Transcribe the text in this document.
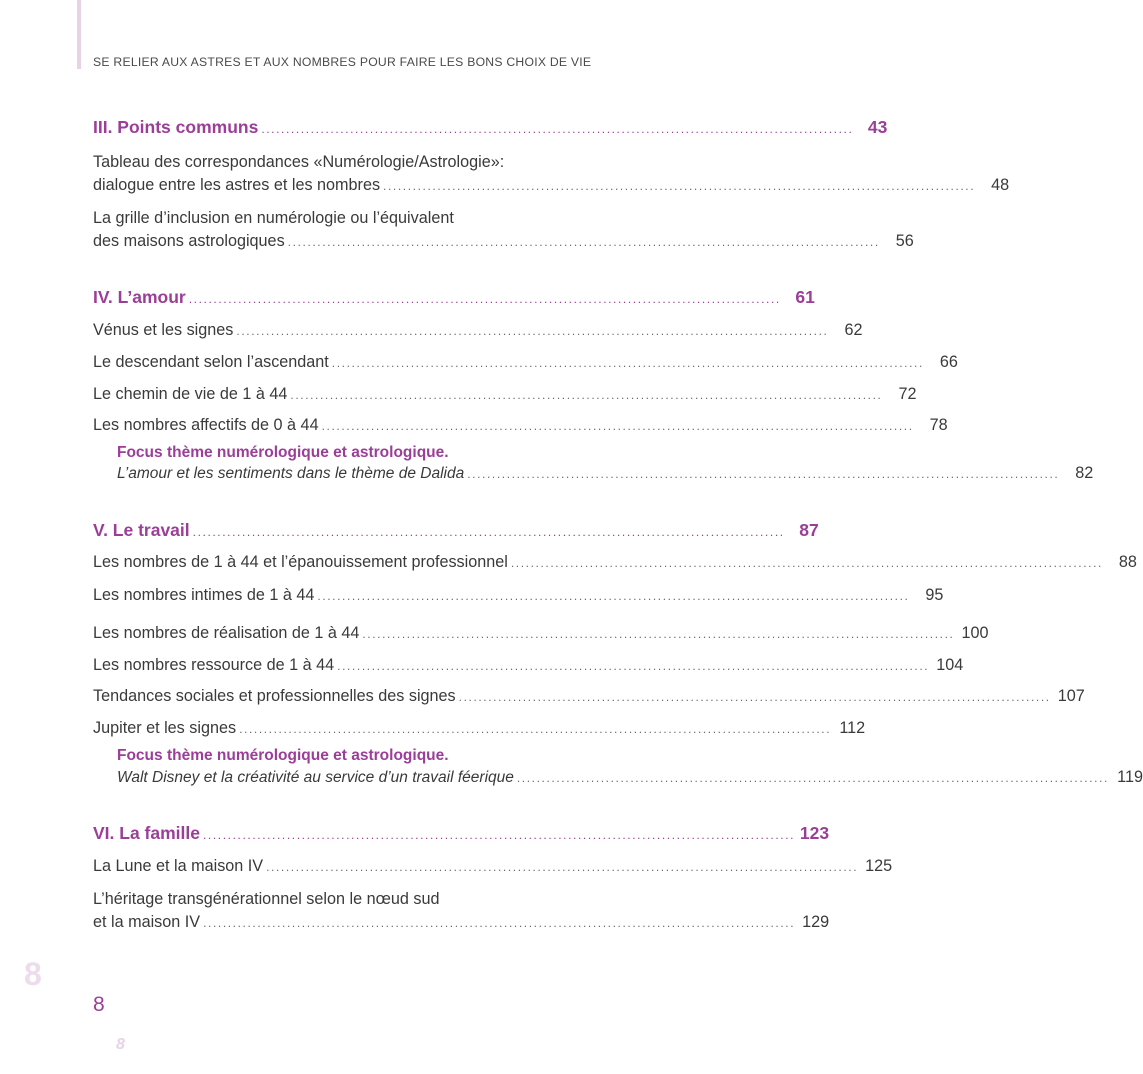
SE RELIER AUX ASTRES ET AUX NOMBRES POUR FAIRE LES BONS CHOIX DE VIE
III. Points communs ........................................................................................................................ 43
Tableau des correspondances «Numérologie/Astrologie»:
dialogue entre les astres et les nombres ........................................................................................................................ 48
La grille d’inclusion en numérologie ou l’équivalent
des maisons astrologiques ........................................................................................................................ 56
IV. L’amour ........................................................................................................................ 61
Vénus et les signes ........................................................................................................................ 62
Le descendant selon l’ascendant ........................................................................................................................ 66
Le chemin de vie de 1 à 44 ........................................................................................................................ 72
Les nombres affectifs de 0 à 44 ........................................................................................................................ 78
Focus thème numérologique et astrologique.
L’amour et les sentiments dans le thème de Dalida ........................................................................................................................ 82
V. Le travail ........................................................................................................................ 87
Les nombres de 1 à 44 et l’épanouissement professionnel ........................................................................................................................ 88
Les nombres intimes de 1 à 44 ........................................................................................................................ 95
Les nombres de réalisation de 1 à 44 ........................................................................................................................ 100
Les nombres ressource de 1 à 44 ........................................................................................................................ 104
Tendances sociales et professionnelles des signes ........................................................................................................................ 107
Jupiter et les signes ........................................................................................................................ 112
Focus thème numérologique et astrologique.
Walt Disney et la créativité au service d’un travail féerique ........................................................................................................................ 119
VI. La famille ........................................................................................................................ 123
La Lune et la maison IV ........................................................................................................................ 125
L’héritage transgénérationnel selon le nœud sud
et la maison IV ........................................................................................................................ 129
8
8
8
